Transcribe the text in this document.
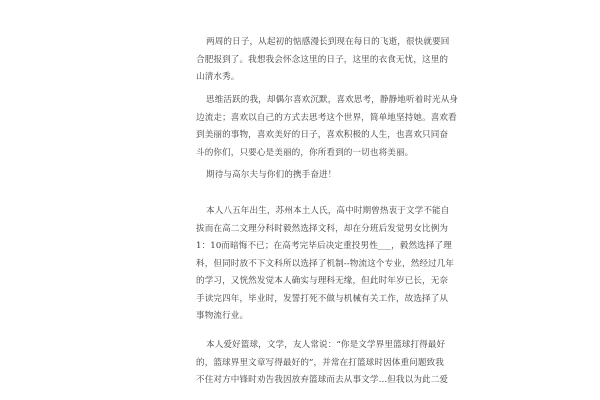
两周的日子，从起初的惦感漫长到现在每日的飞逝，很快就要回
合肥报到了。我想我会怀念这里的日子，这里的衣食无忧，这里的
山清水秀。
思维活跃的我，却偶尔喜欢沉默，喜欢思考，静静地听着时光从身
边流走；喜欢以自己的方式去思考这个世界，简单地坚持她。喜欢看
到美丽的事物，喜欢美好的日子，喜欢积极的人生，也喜欢只同奋
斗的你们，只要心是美丽的，你所看到的一切也将美丽。
期待与高尔夫与你们的携手奋进！
本人八五年出生，苏州本土人氏，高中时期曾热衷于文学不能自
拔而在高二文理分科时毅然选择文科，却在分班后发觉男女比例为
1：10而暗悔不已；在高考完毕后决定重投男性___，毅然选择了理
科，但同时放不下文科所以选择了机制--物流这个专业，然经过几年
的学习，又恍然发觉本人确实与理科无缘，但此时年岁已长，无奈
手读完四年，毕业时，发誓打死不做与机械有关工作，故选择了从
事物流行业。
本人爱好篮球，文学，友人常说：“你是文学界里篮球打得最好
的，篮球界里文章写得最好的”，并常在打篮球时因体重问题致我
不住对方中锋时劝告我因放弃篮球而去从事文学…但我以为此二爱
